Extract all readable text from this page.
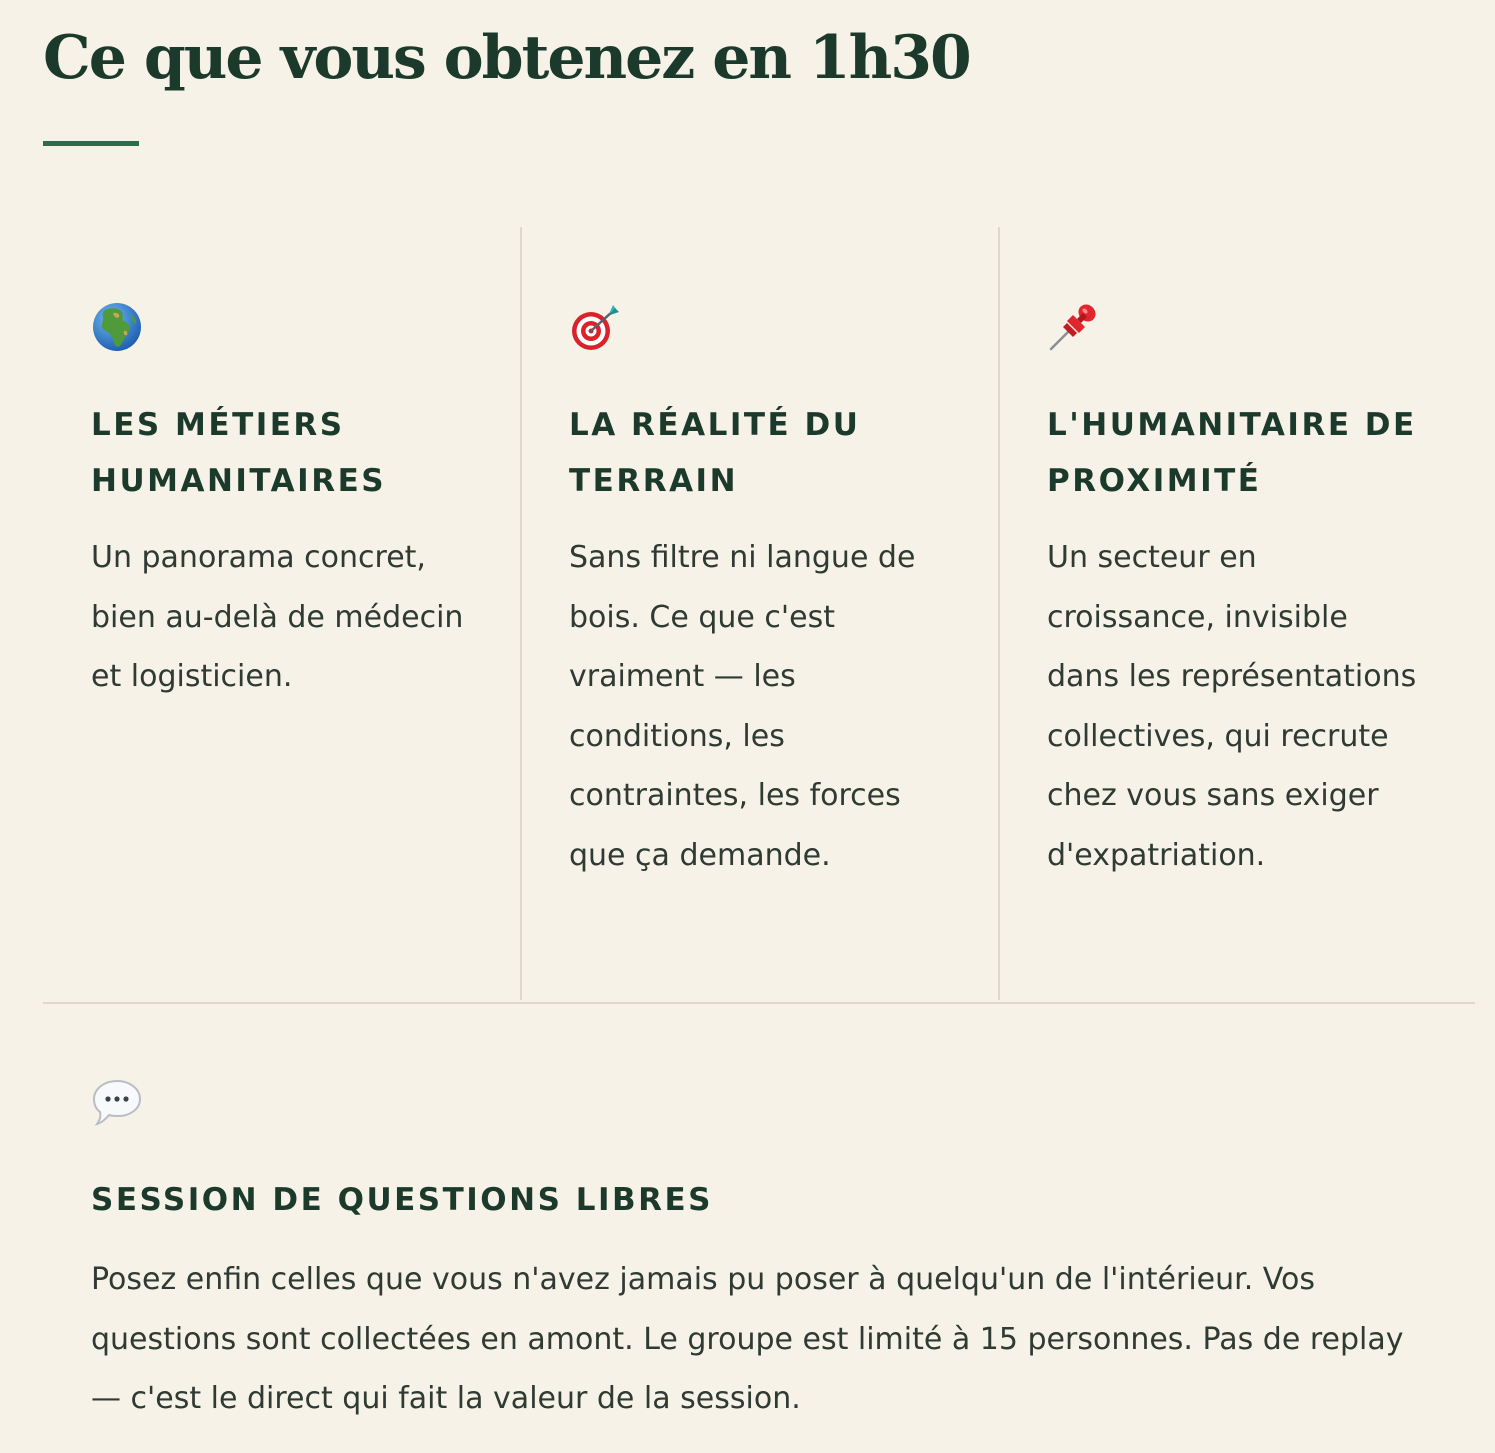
Ce que vous obtenez en 1h30
LES MÉTIERS HUMANITAIRES

Un panorama concret, bien au-delà de médecin et logisticien.

LA RÉALITÉ DU TERRAIN

Sans filtre ni langue de bois. Ce que c'est vraiment — les conditions, les contraintes, les forces que ça demande.

L'HUMANITAIRE DE PROXIMITÉ

Un secteur en croissance, invisible dans les représentations collectives, qui recrute chez vous sans exiger d'expatriation.

SESSION DE QUESTIONS LIBRES

Posez enfin celles que vous n'avez jamais pu poser à quelqu'un de l'intérieur. Vos questions sont collectées en amont. Le groupe est limité à 15 personnes. Pas de replay — c'est le direct qui fait la valeur de la session.
